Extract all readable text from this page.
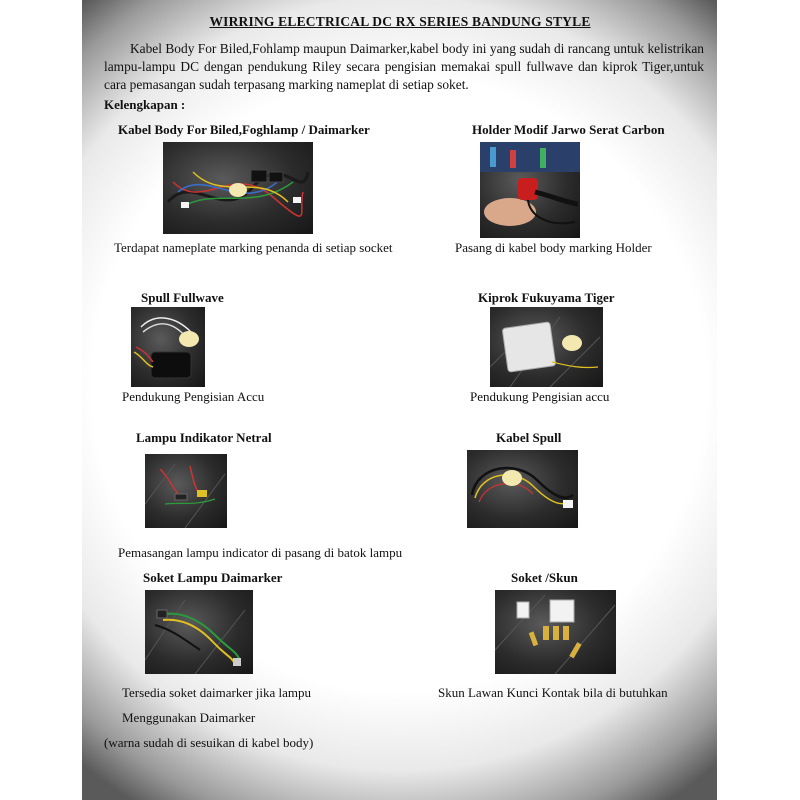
WIRRING ELECTRICAL DC RX SERIES BANDUNG STYLE
Kabel Body For Biled,Fohlamp maupun Daimarker,kabel body ini yang sudah di rancang untuk kelistrikan lampu-lampu DC dengan pendukung Riley secara pengisian memakai spull fullwave dan kiprok Tiger,untuk cara pemasangan sudah terpasang marking nameplat di setiap soket.
Kelengkapan :
Kabel Body For Biled,Foghlamp / Daimarker
Terdapat nameplate marking penanda di setiap socket
Holder Modif Jarwo Serat Carbon
Pasang di kabel body marking Holder
Spull Fullwave
Pendukung Pengisian Accu
Kiprok Fukuyama Tiger
Pendukung Pengisian accu
Lampu Indikator Netral
Pemasangan lampu indicator di pasang di batok lampu
Kabel Spull
Soket Lampu Daimarker
Tersedia soket daimarker jika lampu
Menggunakan Daimarker
(warna sudah di sesuikan di kabel body)
Soket /Skun
Skun Lawan Kunci Kontak bila di butuhkan
